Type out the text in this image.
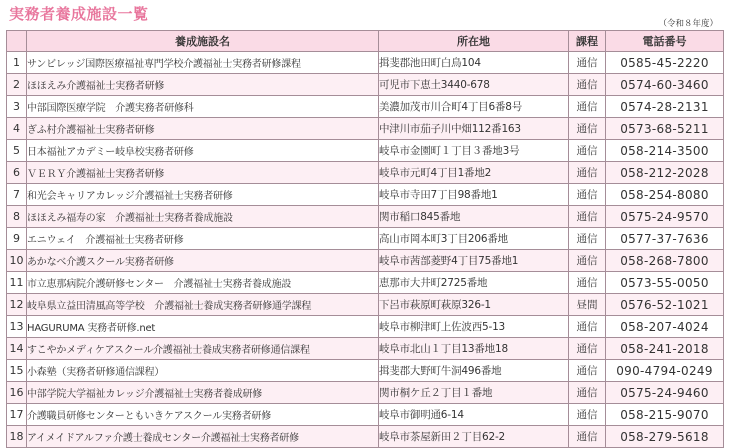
実務者養成施設一覧
（令和８年度）
	養成施設名	所在地	課程	電話番号
1	サンビレッジ国際医療福祉専門学校介護福祉士実務者研修課程	揖斐郡池田町白鳥104	通信	0585-45-2220
2	ほほえみ介護福祉士実務者研修	可児市下恵土3440-678	通信	0574-60-3460
3	中部国際医療学院　介護実務者研修科	美濃加茂市川合町4丁目6番8号	通信	0574-28-2131
4	ぎふ村介護福祉士実務者研修	中津川市茄子川中畑112番163	通信	0573-68-5211
5	日本福祉アカデミー岐阜校実務者研修	岐阜市金園町１丁目３番地3号	通信	058-214-3500
6	ＶＥＲＹ介護福祉士実務者研修	岐阜市元町4丁目1番地2	通信	058-212-2028
7	和光会キャリアカレッジ介護福祉士実務者研修	岐阜市寺田7丁目98番地1	通信	058-254-8080
8	ほほえみ福寿の家　介護福祉士実務者養成施設	関市稲口845番地	通信	0575-24-9570
9	エニウェイ　介護福祉士実務者研修	高山市岡本町3丁目206番地	通信	0577-37-7636
10	あかなべ介護スクール実務者研修	岐阜市茜部菱野4丁目75番地1	通信	058-268-7800
11	市立恵那病院介護研修センター　介護福祉士実務者養成施設	恵那市大井町2725番地	通信	0573-55-0050
12	岐阜県立益田清風高等学校　介護福祉士養成実務者研修通学課程	下呂市萩原町萩原326-1	昼間	0576-52-1021
13	HAGURUMA 実務者研修.net	岐阜市柳津町上佐波西5-13	通信	058-207-4024
14	すこやかメディケアスクール介護福祉士養成実務者研修通信課程	岐阜市北山１丁目13番地18	通信	058-241-2018
15	小森塾（実務者研修通信課程）	揖斐郡大野町牛洞496番地	通信	090-4794-0249
16	中部学院大学福祉カレッジ介護福祉士実務者養成研修	関市桐ケ丘２丁目１番地	通信	0575-24-9460
17	介護職員研修センターともいきケアスクール実務者研修	岐阜市御明通6-14	通信	058-215-9070
18	アイメイドアルファ介護士養成センター介護福祉士実務者研修	岐阜市茶屋新田２丁目62-2	通信	058-279-5618
